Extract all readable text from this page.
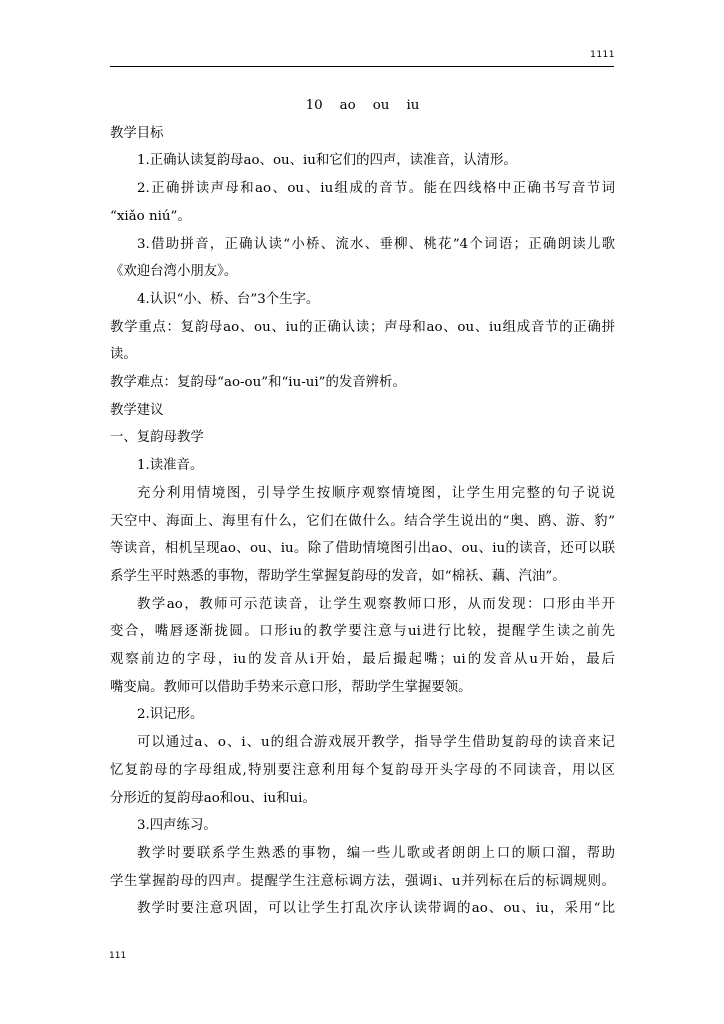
1111

10    ao    ou    iu

教学目标

1.正确认读复韵母ao、ou、iu和它们的四声，读准音，认清形。

2.正确拼读声母和ao、ou、iu组成的音节。能在四线格中正确书写音节词

“xiǎo niú”。

3.借助拼音，正确认读“小桥、流水、垂柳、桃花”4个词语；正确朗读儿歌

《欢迎台湾小朋友》。

4.认识“小、桥、台”3个生字。

教学重点：复韵母ao、ou、iu的正确认读；声母和ao、ou、iu组成音节的正确拼

读。

教学难点：复韵母“ao-ou”和“iu-ui”的发音辨析。

教学建议

一、复韵母教学

1.读准音。

充分利用情境图，引导学生按顺序观察情境图，让学生用完整的句子说说

天空中、海面上、海里有什么，它们在做什么。结合学生说出的“奥、鸥、游、豹”

等读音，相机呈现ao、ou、iu。除了借助情境图引出ao、ou、iu的读音，还可以联

系学生平时熟悉的事物，帮助学生掌握复韵母的发音，如“棉袄、藕、汽油”。

教学ao，教师可示范读音，让学生观察教师口形，从而发现：口形由半开

变合，嘴唇逐渐拢圆。口形iu的教学要注意与ui进行比较，提醒学生读之前先

观察前边的字母，iu的发音从i开始，最后撮起嘴；ui的发音从u开始，最后

嘴变扁。教师可以借助手势来示意口形，帮助学生掌握要领。

2.识记形。

可以通过a、o、i、u的组合游戏展开教学，指导学生借助复韵母的读音来记

忆复韵母的字母组成,特别要注意利用每个复韵母开头字母的不同读音，用以区

分形近的复韵母ao和ou、iu和ui。

3.四声练习。

教学时要联系学生熟悉的事物，编一些儿歌或者朗朗上口的顺口溜，帮助

学生掌握韵母的四声。提醒学生注意标调方法，强调i、u并列标在后的标调规则。

教学时要注意巩固，可以让学生打乱次序认读带调的ao、ou、iu，采用“比

111
